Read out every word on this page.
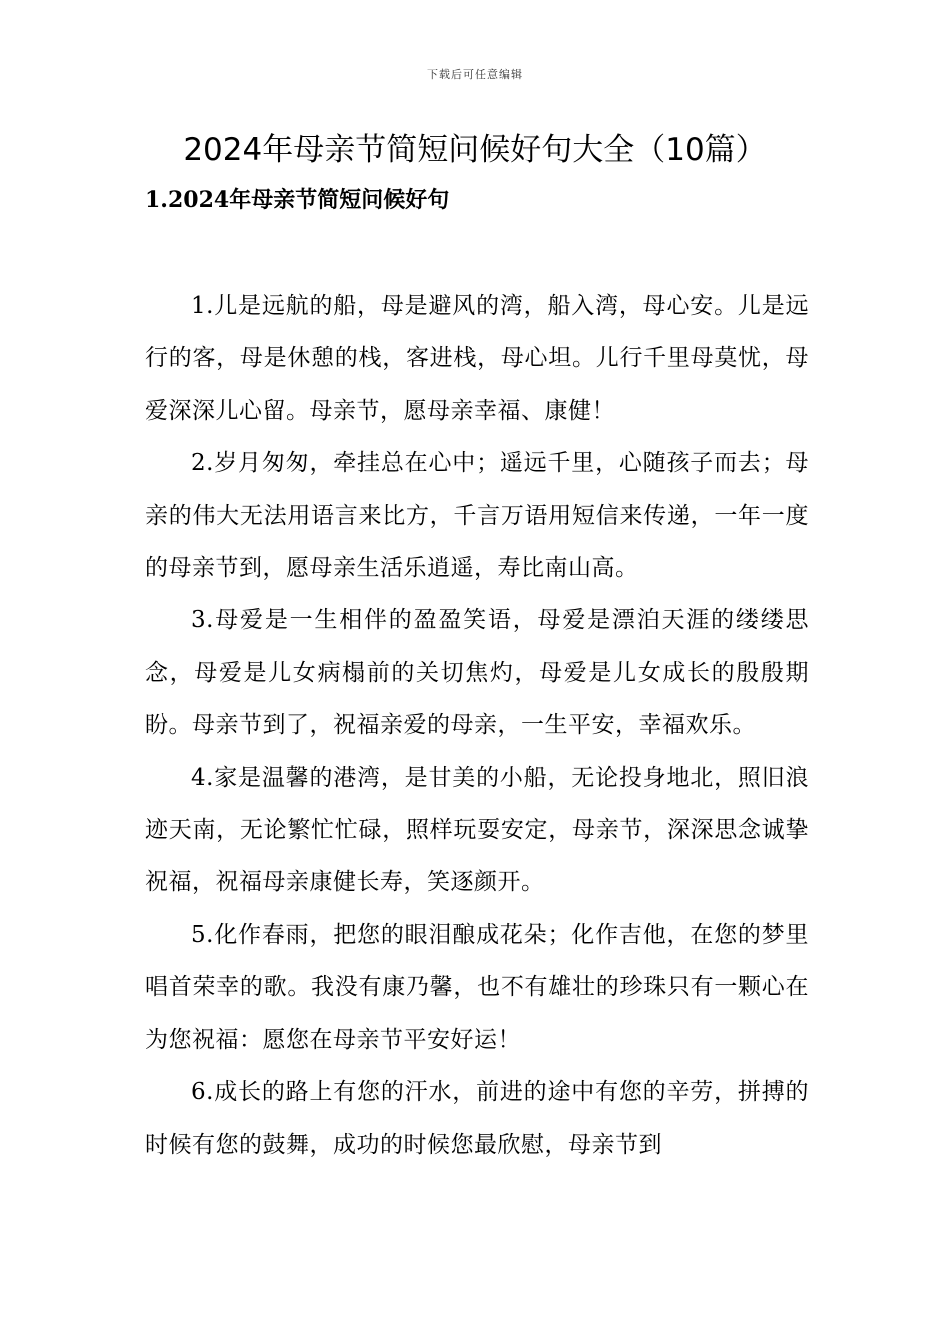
下载后可任意编辑
2024年母亲节简短问候好句大全（10篇）
1.2024年母亲节简短问候好句

1.儿是远航的船，母是避风的湾，船入湾，母心安。儿是远行的客，母是休憩的栈，客进栈，母心坦。儿行千里母莫忧，母爱深深儿心留。母亲节，愿母亲幸福、康健！

2.岁月匆匆，牵挂总在心中；遥远千里，心随孩子而去；母亲的伟大无法用语言来比方，千言万语用短信来传递，一年一度的母亲节到，愿母亲生活乐逍遥，寿比南山高。

3.母爱是一生相伴的盈盈笑语，母爱是漂泊天涯的缕缕思念，母爱是儿女病榻前的关切焦灼，母爱是儿女成长的殷殷期盼。母亲节到了，祝福亲爱的母亲，一生平安，幸福欢乐。

4.家是温馨的港湾，是甘美的小船，无论投身地北，照旧浪迹天南，无论繁忙忙碌，照样玩耍安定，母亲节，深深思念诚挚祝福，祝福母亲康健长寿，笑逐颜开。

5.化作春雨，把您的眼泪酿成花朵；化作吉他，在您的梦里唱首荣幸的歌。我没有康乃馨，也不有雄壮的珍珠只有一颗心在为您祝福：愿您在母亲节平安好运！

6.成长的路上有您的汗水，前进的途中有您的辛劳，拼搏的时候有您的鼓舞，成功的时候您最欣慰，母亲节到
